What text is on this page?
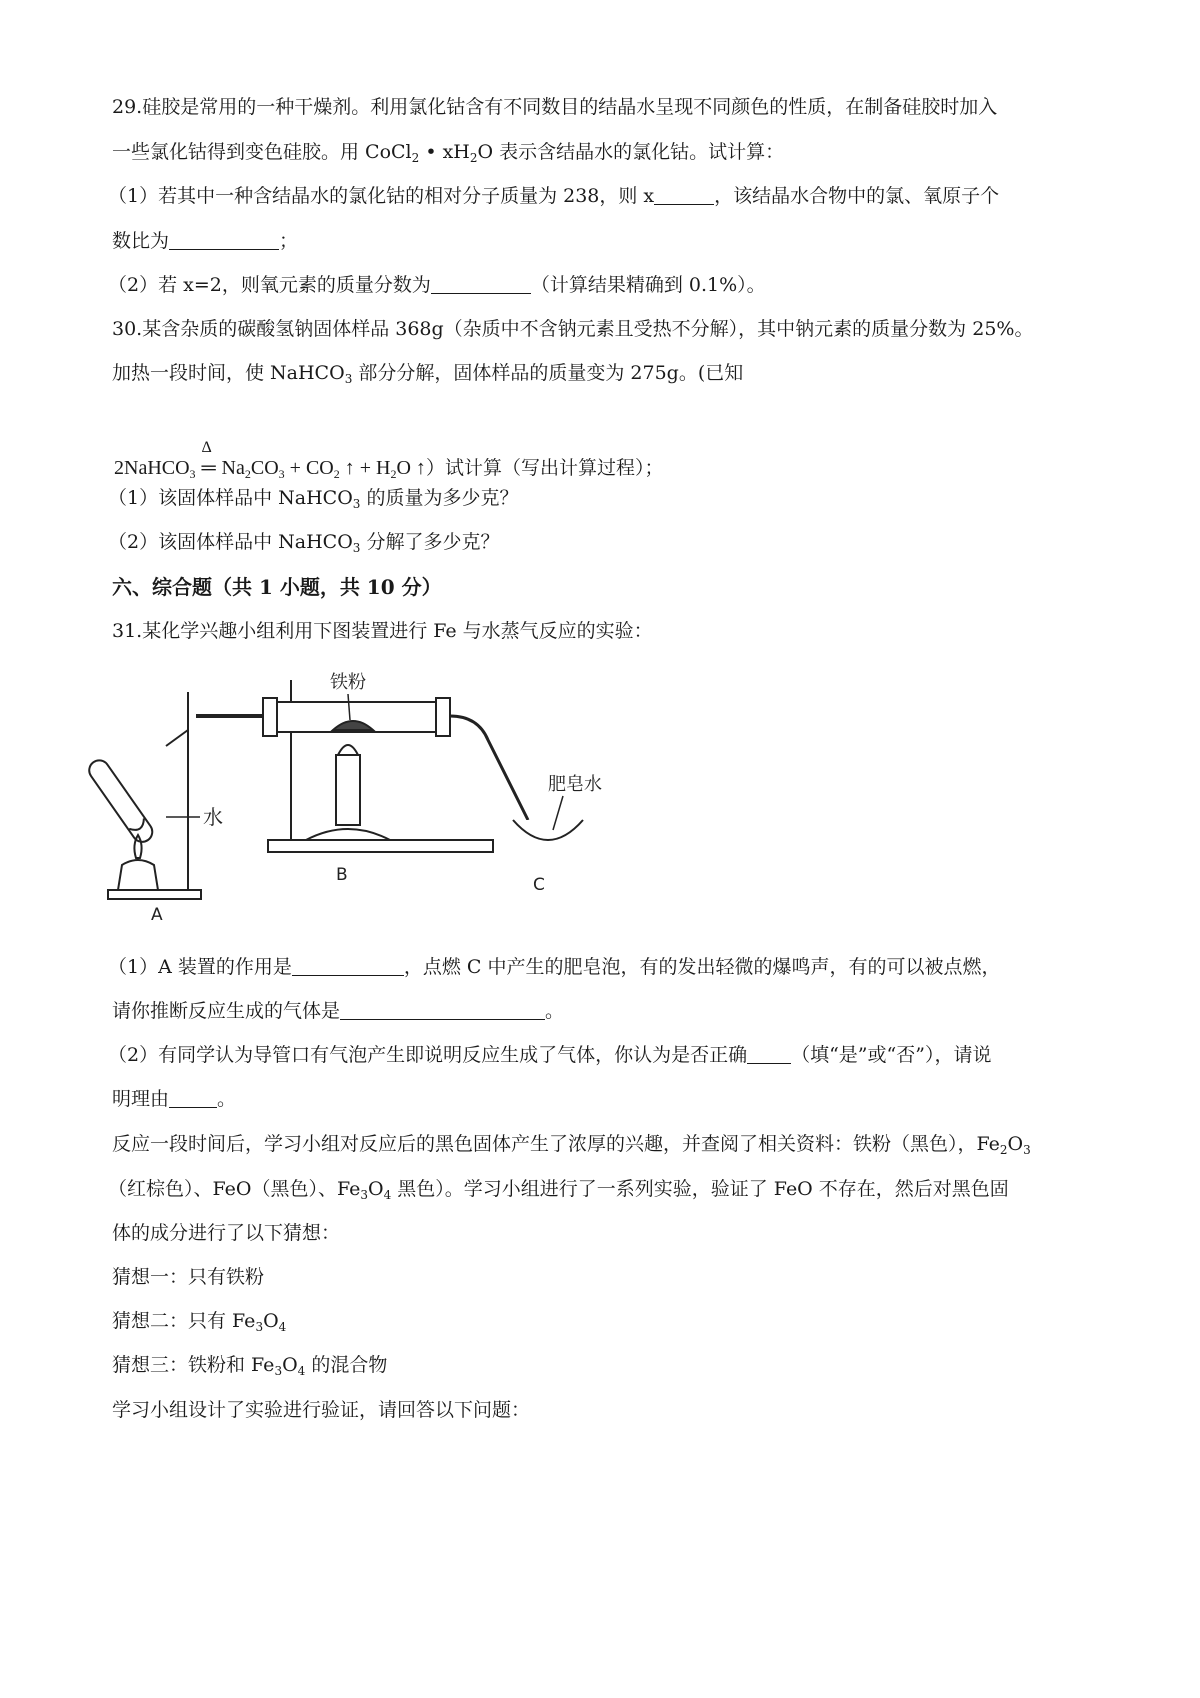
29.硅胶是常用的一种干燥剂。利用氯化钴含有不同数目的结晶水呈现不同颜色的性质，在制备硅胶时加入
一些氯化钴得到变色硅胶。用 CoCl$_2$ • $xH_2O$ 表示含结晶水的氯化钴。试计算：
（1）若其中一种含结晶水的氯化钴的相对分子质量为 238，则 x	，该结晶水合物中的氯、氧原子个
数比为	；
（2）若 x=2，则氧元素的质量分数为	（计算结果精确到 0.1%）。
30.某含杂质的碳酸氢钠固体样品 368g（杂质中不含钠元素且受热不分解），其中钠元素的质量分数为 25%。
加热一段时间，使 NaHCO$_3$ 部分分解，固体样品的质量变为 275g。(已知
2NaHCO$_3$
Δ
═ $Na_2CO_3 + CO_2$ ↑ + $H_2O$ ↑）试计算（写出计算过程）；
（1）该固体样品中 NaHCO$_3$ 的质量为多少克？
（2）该固体样品中 NaHCO$_3$ 分解了多少克？
六、综合题（共 1 小题，共 10 分）
31.某化学兴趣小组利用下图装置进行 Fe 与水蒸气反应的实验：
水
A
铁粉
B
肥皂水
C
（1）A 装置的作用是	，点燃 C 中产生的肥皂泡，有的发出轻微的爆鸣声，有的可以被点燃，
请你推断反应生成的气体是	。
（2）有同学认为导管口有气泡产生即说明反应生成了气体，你认为是否正确 （填“是”或“否”），请说
明理由	。
反应一段时间后，学习小组对反应后的黑色固体产生了浓厚的兴趣，并查阅了相关资料：铁粉（黑色），$Fe_2O_3$
（红棕色）、FeO（黑色）、$Fe_3O_4$ 黑色）。学习小组进行了一系列实验，验证了 FeO 不存在，然后对黑色固
体的成分进行了以下猜想：
猜想一：只有铁粉
猜想二：只有 $Fe_3O_4$
猜想三：铁粉和 $Fe_3O_4$ 的混合物
学习小组设计了实验进行验证，请回答以下问题：
